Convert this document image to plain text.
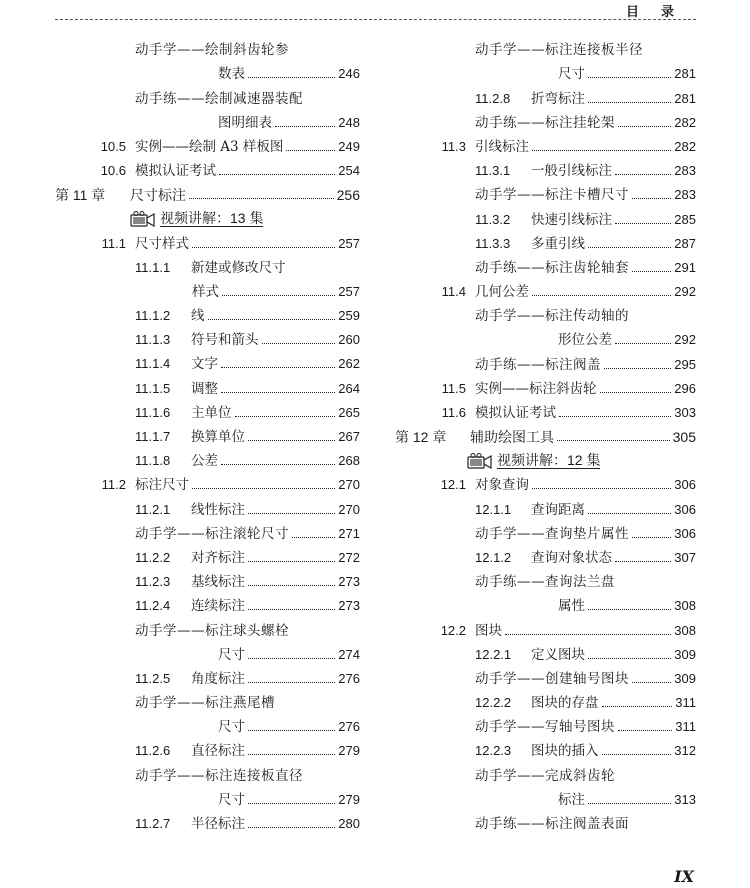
目录
动手学——绘制斜齿轮参
数表	246
动手练——绘制减速器装配
图明细表	248
10.5 实例——绘制 A3 样板图	249
10.6 模拟认证考试	254
第 11 章	尺寸标注	256
视频讲解：13 集
11.1 尺寸样式	257
11.1.1	新建或修改尺寸
样式	257
11.1.2	线	259
11.1.3	符号和箭头	260
11.1.4	文字	262
11.1.5	调整	264
11.1.6	主单位	265
11.1.7	换算单位	267
11.1.8	公差	268
11.2 标注尺寸	270
11.2.1	线性标注	270
动手学——标注滚轮尺寸	271
11.2.2	对齐标注	272
11.2.3	基线标注	273
11.2.4	连续标注	273
动手学——标注球头螺栓
尺寸	274
11.2.5	角度标注	276
动手学——标注燕尾槽
尺寸	276
11.2.6	直径标注	279
动手学——标注连接板直径
尺寸	279
11.2.7	半径标注	280
动手学——标注连接板半径
尺寸	281
11.2.8	折弯标注	281
动手练——标注挂轮架	282
11.3 引线标注	282
11.3.1	一般引线标注	283
动手学——标注卡槽尺寸	283
11.3.2	快速引线标注	285
11.3.3	多重引线	287
动手练——标注齿轮轴套	291
11.4 几何公差	292
动手学——标注传动轴的
形位公差	292
动手练——标注阀盖	295
11.5 实例——标注斜齿轮	296
11.6 模拟认证考试	303
第 12 章	辅助绘图工具	305
视频讲解：12 集
12.1 对象查询	306
12.1.1	查询距离	306
动手学——查询垫片属性	306
12.1.2	查询对象状态	307
动手练——查询法兰盘
属性	308
12.2 图块	308
12.2.1	定义图块	309
动手学——创建轴号图块	309
12.2.2	图块的存盘	311
动手学——写轴号图块	311
12.2.3	图块的插入	312
动手学——完成斜齿轮
标注	313
动手练——标注阀盖表面
IX
